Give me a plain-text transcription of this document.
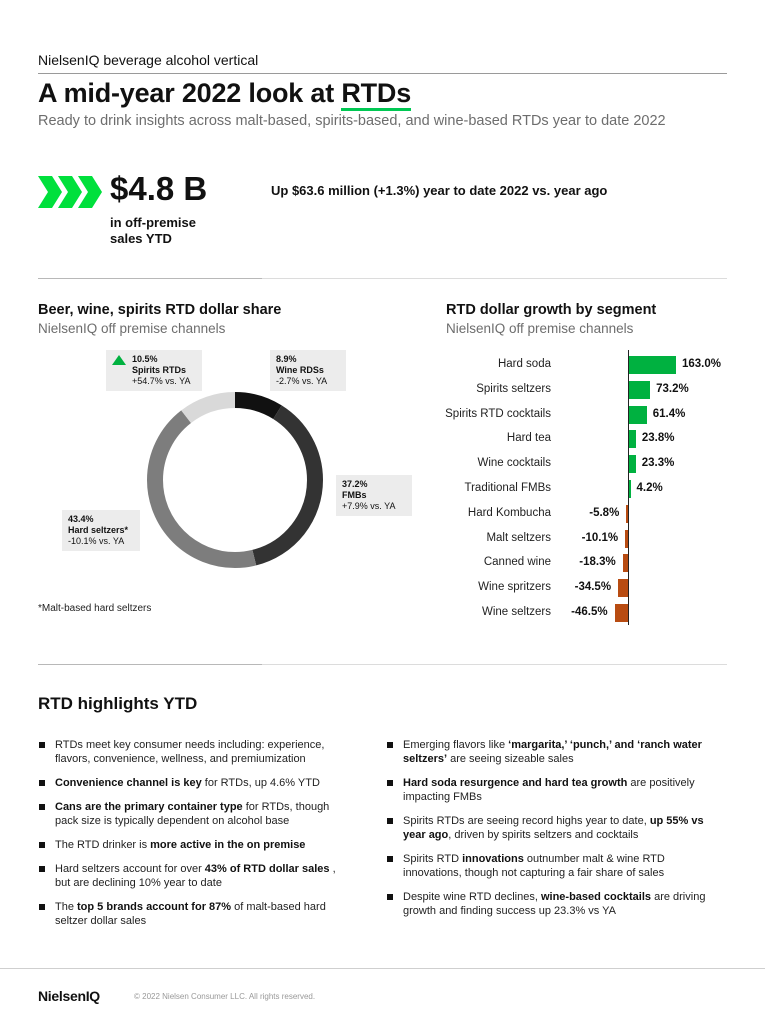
NielsenIQ beverage alcohol vertical
A mid-year 2022 look at RTDs
Ready to drink insights across malt-based, spirits-based, and wine-based RTDs year to date 2022
$4.8 B
in off-premise sales YTD
Up $63.6 million (+1.3%) year to date 2022 vs. year ago
Beer, wine, spirits RTD dollar share
NielsenIQ off premise channels
10.5%
Spirits RTDs
+54.7% vs. YA
8.9%
Wine RDSs
-2.7% vs. YA
37.2%
FMBs
+7.9% vs. YA
43.4%
Hard seltzers*
-10.1% vs. YA
*Malt-based hard seltzers
RTD dollar growth by segment
NielsenIQ off premise channels
Hard soda	163.0%
Spirits seltzers	73.2%
Spirits RTD cocktails	61.4%
Hard tea	23.8%
Wine cocktails	23.3%
Traditional FMBs	4.2%
Hard Kombucha	-5.8%
Malt seltzers	-10.1%
Canned wine	-18.3%
Wine spritzers	-34.5%
Wine seltzers	-46.5%
RTD highlights YTD
RTDs meet key consumer needs including: experience, flavors, convenience, wellness, and premiumization
Convenience channel is key for RTDs, up 4.6% YTD
Cans are the primary container type for RTDs, though pack size is typically dependent on alcohol base
The RTD drinker is more active in the on premise
Hard seltzers account for over 43% of RTD dollar sales , but are declining 10% year to date
The top 5 brands account for 87% of malt-based hard seltzer dollar sales
Emerging flavors like ‘margarita,’ ‘punch,’ and ‘ranch water seltzers’ are seeing sizeable sales
Hard soda resurgence and hard tea growth are positively impacting FMBs
Spirits RTDs are seeing record highs year to date, up 55% vs year ago, driven by spirits seltzers and cocktails
Spirits RTD innovations outnumber malt & wine RTD innovations, though not capturing a fair share of sales
Despite wine RTD declines, wine-based cocktails are driving growth and finding success up 23.3% vs YA
NielsenIQ	© 2022 Nielsen Consumer LLC. All rights reserved.
